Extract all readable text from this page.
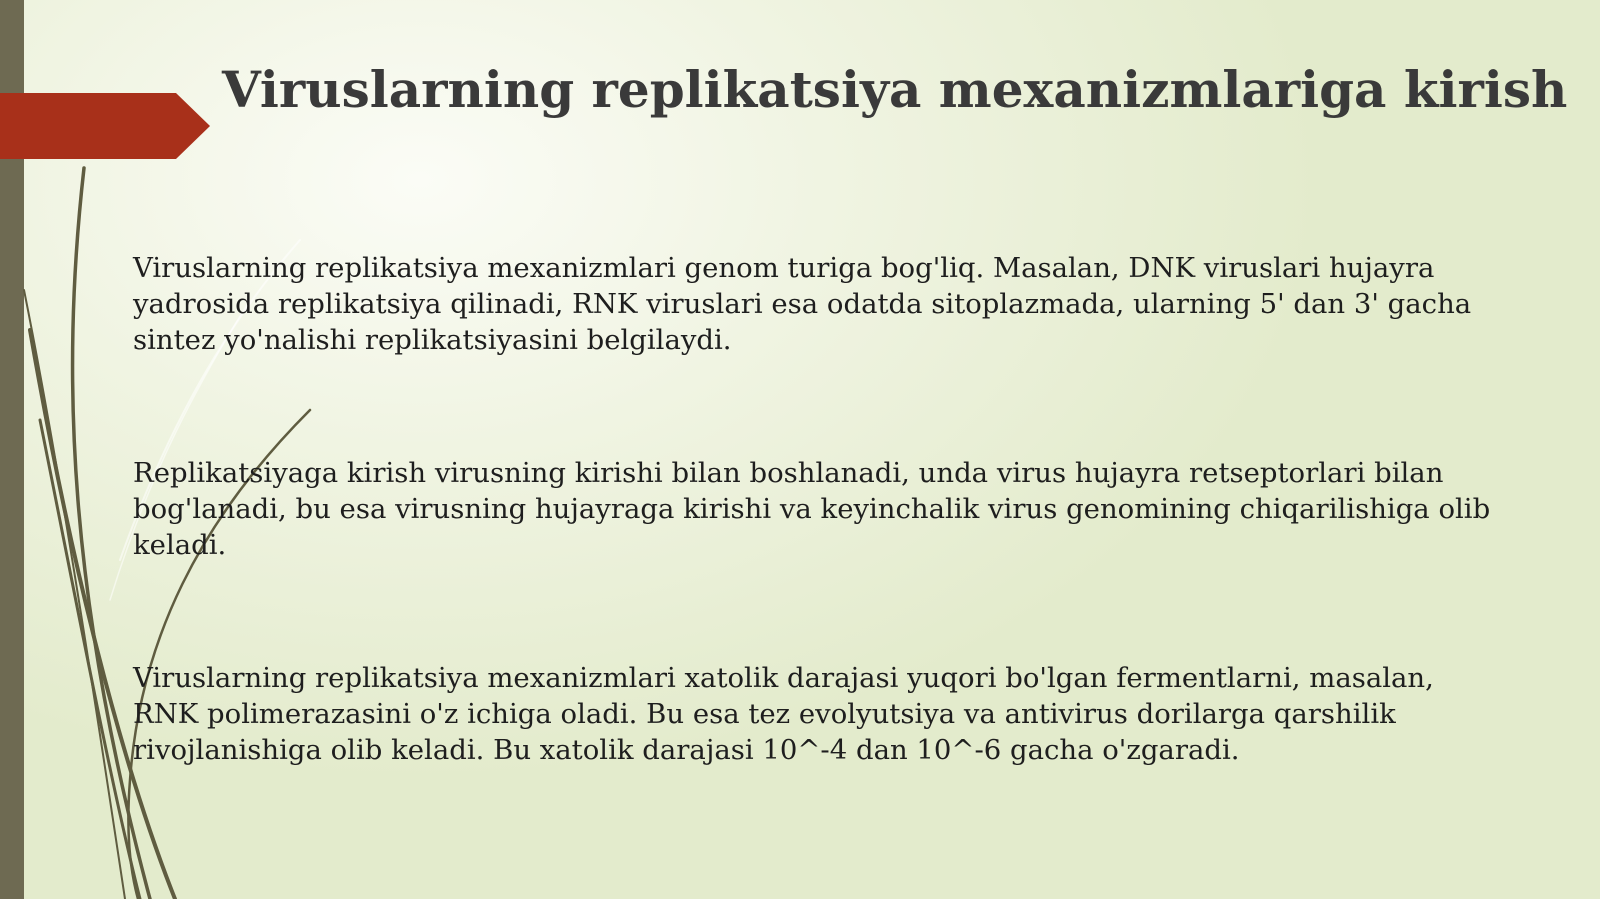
Viruslarning replikatsiya mexanizmlariga kirish

Viruslarning replikatsiya mexanizmlari genom turiga bog'liq. Masalan, DNK viruslari hujayra yadrosida replikatsiya qilinadi, RNK viruslari esa odatda sitoplazmada, ularning 5' dan 3' gacha sintez yo'nalishi replikatsiyasini belgilaydi.

Replikatsiyaga kirish virusning kirishi bilan boshlanadi, unda virus hujayra retseptorlari bilan bog'lanadi, bu esa virusning hujayraga kirishi va keyinchalik virus genomining chiqarilishiga olib keladi.

Viruslarning replikatsiya mexanizmlari xatolik darajasi yuqori bo'lgan fermentlarni, masalan, RNK polimerazasini o'z ichiga oladi. Bu esa tez evolyutsiya va antivirus dorilarga qarshilik rivojlanishiga olib keladi. Bu xatolik darajasi 10^-4 dan 10^-6 gacha o'zgaradi.
